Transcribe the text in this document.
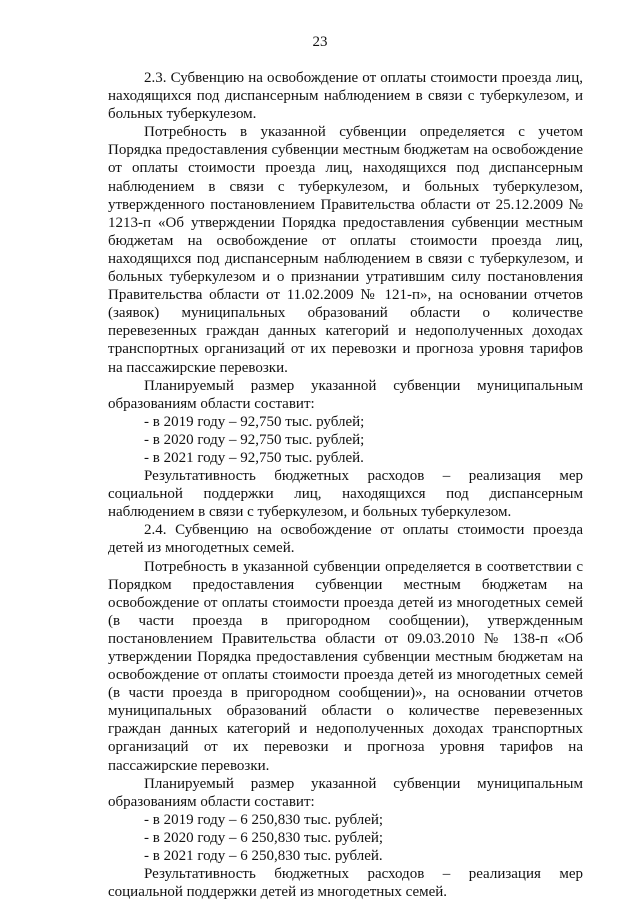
23

2.3. Субвенцию на освобождение от оплаты стоимости проезда лиц, находящихся под диспансерным наблюдением в связи с туберкулезом, и больных туберкулезом.

Потребность в указанной субвенции определяется с учетом Порядка предоставления субвенции местным бюджетам на освобождение от оплаты стоимости проезда лиц, находящихся под диспансерным наблюдением в связи с туберкулезом, и больных туберкулезом, утвержденного постановлением Правительства области от 25.12.2009 № 1213-п «Об утверждении Порядка предоставления субвенции местным бюджетам на освобождение от оплаты стоимости проезда лиц, находящихся под диспансерным наблюдением в связи с туберкулезом, и больных туберкулезом и о признании утратившим силу постановления Правительства области от 11.02.2009 № 121-п», на основании отчетов (заявок) муниципальных образований области о количестве перевезенных граждан данных категорий и недополученных доходах транспортных организаций от их перевозки и прогноза уровня тарифов на пассажирские перевозки.

Планируемый размер указанной субвенции муниципальным образованиям области составит:

- в 2019 году – 92,750 тыс. рублей;

- в 2020 году – 92,750 тыс. рублей;

- в 2021 году – 92,750 тыс. рублей.

Результативность бюджетных расходов – реализация мер социальной поддержки лиц, находящихся под диспансерным наблюдением в связи с туберкулезом, и больных туберкулезом.

2.4. Субвенцию на освобождение от оплаты стоимости проезда детей из многодетных семей.

Потребность в указанной субвенции определяется в соответствии с Порядком предоставления субвенции местным бюджетам на освобождение от оплаты стоимости проезда детей из многодетных семей (в части проезда в пригородном сообщении), утвержденным постановлением Правительства области от 09.03.2010 № 138-п «Об утверждении Порядка предоставления субвенции местным бюджетам на освобождение от оплаты стоимости проезда детей из многодетных семей (в части проезда в пригородном сообщении)», на основании отчетов муниципальных образований области о количестве перевезенных граждан данных категорий и недополученных доходах транспортных организаций от их перевозки и прогноза уровня тарифов на пассажирские перевозки.

Планируемый размер указанной субвенции муниципальным образованиям области составит:

- в 2019 году – 6 250,830 тыс. рублей;

- в 2020 году – 6 250,830 тыс. рублей;

- в 2021 году – 6 250,830 тыс. рублей.

Результативность бюджетных расходов – реализация мер социальной поддержки детей из многодетных семей.
